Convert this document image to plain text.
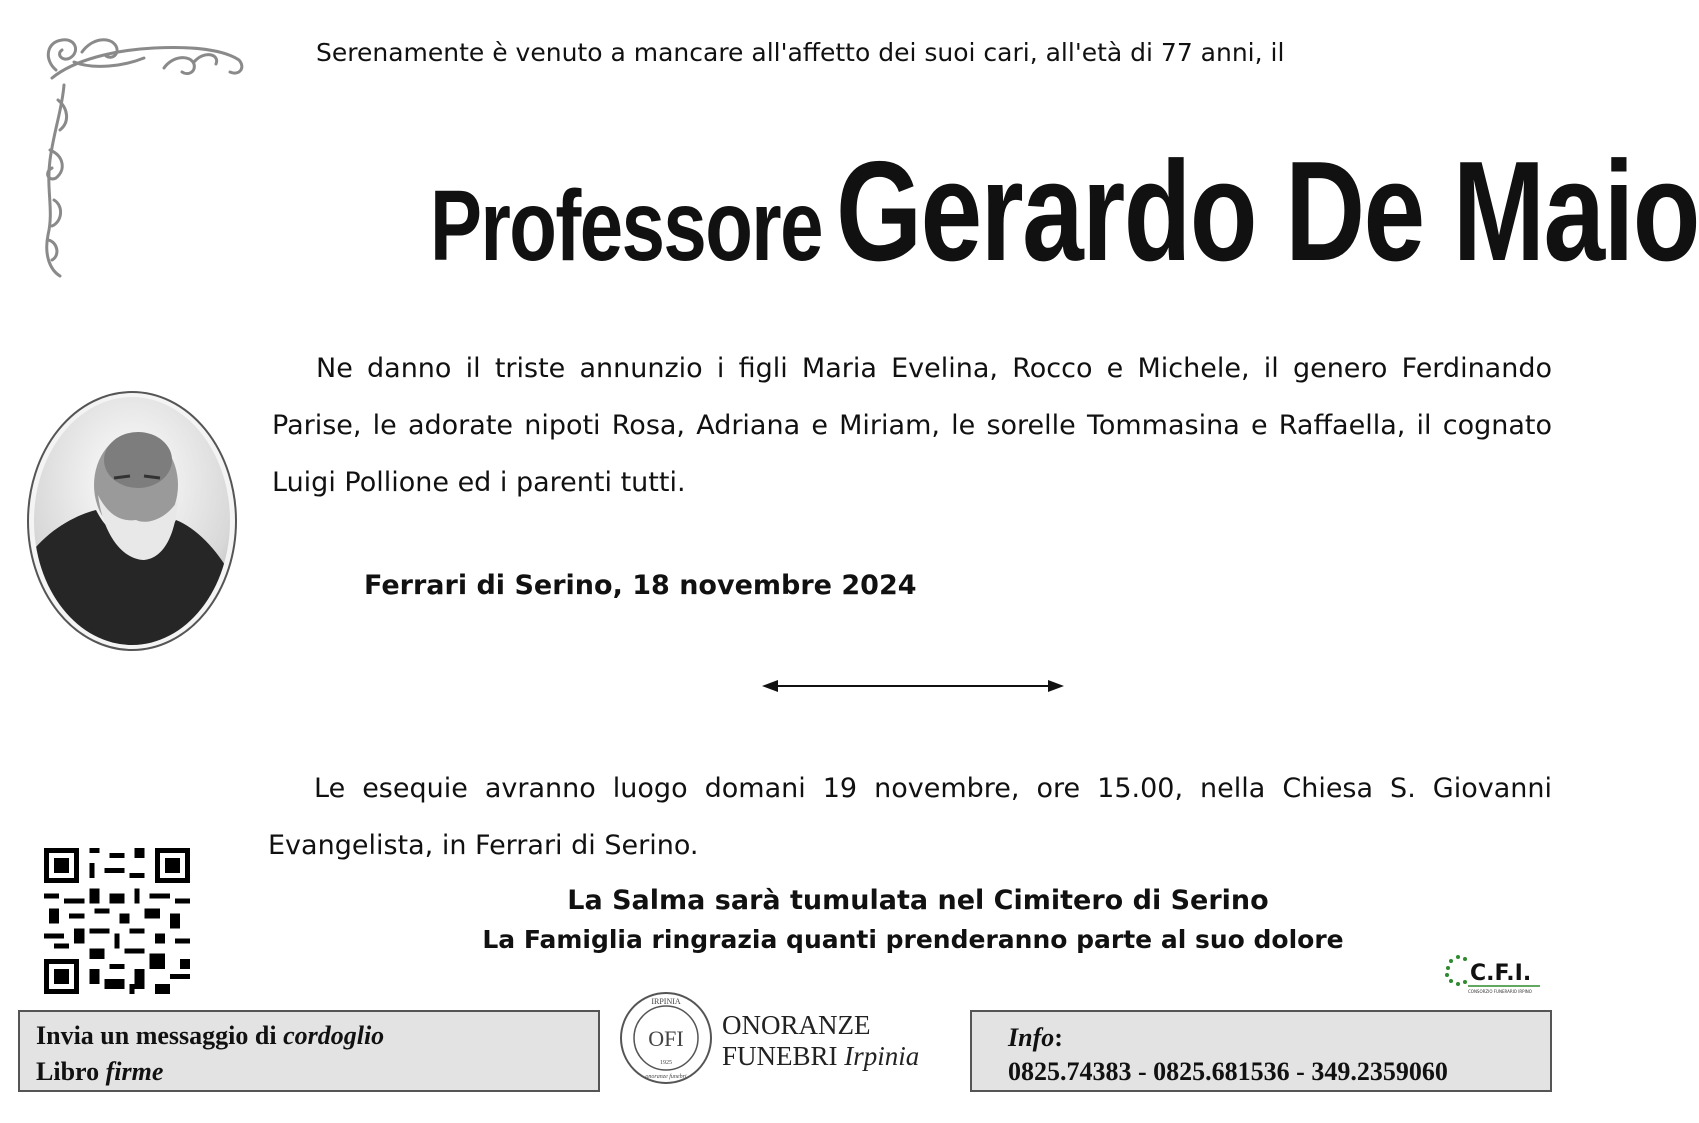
Serenamente è venuto a mancare all'affetto dei suoi cari, all'età di 77 anni, il
ProfessoreGerardo De Maio
Ne danno il triste annunzio i figli Maria Evelina, Rocco e Michele, il genero Ferdinando Parise, le adorate nipoti Rosa, Adriana e Miriam, le sorelle Tommasina e Raffaella, il cognato Luigi Pollione ed i parenti tutti.
Ferrari di Serino, 18 novembre 2024
Le esequie avranno luogo domani 19 novembre, ore 15.00, nella Chiesa S. Giovanni Evangelista, in Ferrari di Serino.
La Salma sarà tumulata nel Cimitero di Serino
La Famiglia ringrazia quanti prenderanno parte al suo dolore
C.F.I.
CONSORZIO FUNERARIO IRPINO
Invia un messaggio di cordoglio
Libro firme
IRPINIA
OFI
1925
onoranze funebri
ONORANZE
FUNEBRI Irpinia
Info:
0825.74383 - 0825.681536 - 349.2359060
